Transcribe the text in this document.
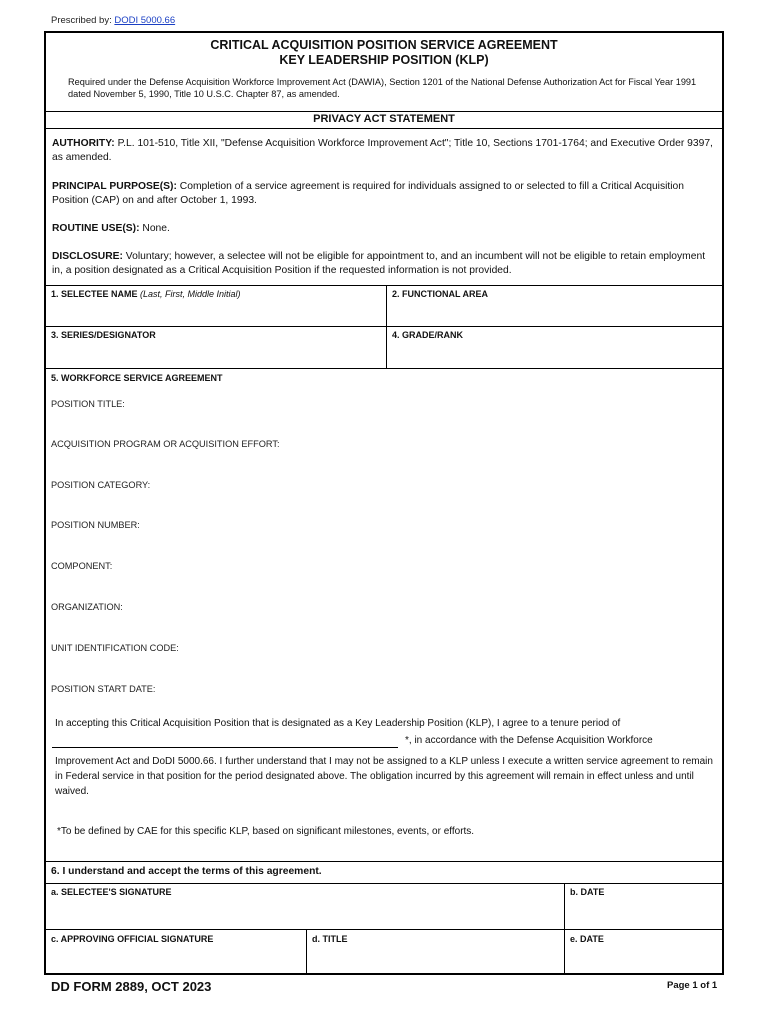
Prescribed by: DODI 5000.66
CRITICAL ACQUISITION POSITION SERVICE AGREEMENT
KEY LEADERSHIP POSITION (KLP)
Required under the Defense Acquisition Workforce Improvement Act (DAWIA), Section 1201 of the National Defense Authorization Act for Fiscal Year 1991 dated November 5, 1990, Title 10 U.S.C. Chapter 87, as amended.
PRIVACY ACT STATEMENT
AUTHORITY: P.L. 101-510, Title XII, "Defense Acquisition Workforce Improvement Act"; Title 10, Sections 1701-1764; and Executive Order 9397, as amended.
PRINCIPAL PURPOSE(S): Completion of a service agreement is required for individuals assigned to or selected to fill a Critical Acquisition Position (CAP) on and after October 1, 1993.
ROUTINE USE(S): None.
DISCLOSURE: Voluntary; however, a selectee will not be eligible for appointment to, and an incumbent will not be eligible to retain employment in, a position designated as a Critical Acquisition Position if the requested information is not provided.
1. SELECTEE NAME (Last, First, Middle Initial)	2. FUNCTIONAL AREA
3. SERIES/DESIGNATOR	4. GRADE/RANK
5. WORKFORCE SERVICE AGREEMENT
POSITION TITLE:
ACQUISITION PROGRAM OR ACQUISITION EFFORT:
POSITION CATEGORY:
POSITION NUMBER:
COMPONENT:
ORGANIZATION:
UNIT IDENTIFICATION CODE:
POSITION START DATE:
In accepting this Critical Acquisition Position that is designated as a Key Leadership Position (KLP), I agree to a tenure period of
*, in accordance with the Defense Acquisition Workforce
Improvement Act and DoDI 5000.66. I further understand that I may not be assigned to a KLP unless I execute a written service agreement to remain in Federal service in that position for the period designated above. The obligation incurred by this agreement will remain in effect unless and until waived.
*To be defined by CAE for this specific KLP, based on significant milestones, events, or efforts.
6. I understand and accept the terms of this agreement.
a. SELECTEE'S SIGNATURE	b. DATE
c. APPROVING OFFICIAL SIGNATURE	d. TITLE	e. DATE
DD FORM 2889, OCT 2023	Page 1 of 1
